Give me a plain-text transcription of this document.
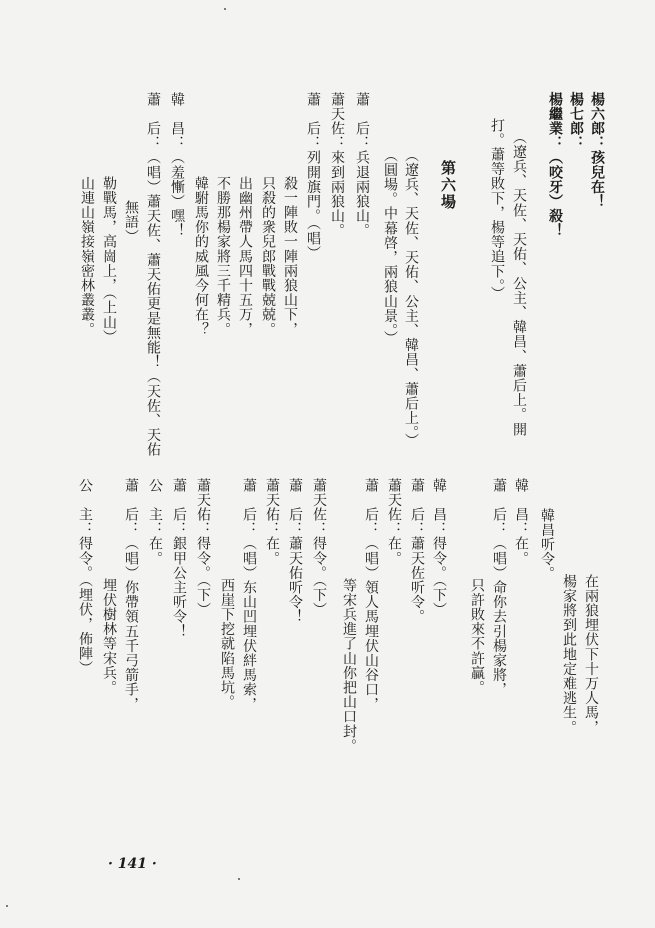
楊六郎：孩兒在！
楊七郎：
楊繼業：（咬牙）殺！
（遼兵、天佐、天佑、公主、韓昌、蕭后上。開
打。蕭等敗下，楊等追下。）
第六場
（遼兵、天佐、天佑、公主、韓昌、蕭后上。）
（圓場。中幕啓，兩狼山景。）
蕭　后：兵退兩狼山。
蕭天佐：來到兩狼山。
蕭　后：列開旗門。（唱）
殺一陣敗一陣兩狼山下，
只殺的衆兒郎戰戰兢兢。
出幽州帶人馬四十五万，
不勝那楊家將三千精兵。
韓駙馬你的威風今何在？
韓　昌：（羞慚）嘿！
蕭　后：（唱）蕭天佐、蕭天佑更是無能！（天佐、天佑
無語）
勒戰馬，高崗上，（上山）
山連山嶺接嶺密林叢叢。
在兩狼埋伏下十万人馬，
楊家將到此地定难逃生。
韓昌听令。
韓　昌：在。
蕭　后：（唱）命你去引楊家將，
只許敗來不許贏。
韓　昌：得令。（下）
蕭　后：蕭天佐听令。
蕭天佐：在。
蕭　后：（唱）領人馬埋伏山谷口，
等宋兵進了山你把山口封。
蕭天佐：得令。（下）
蕭　后：蕭天佑听令！
蕭天佑：在。
蕭　后：（唱）东山凹埋伏絆馬索，
西崖下挖就陷馬坑。
蕭天佑：得令。（下）
蕭　后：銀甲公主听令！
公　主：在。
蕭　后：（唱）你帶領五千弓箭手，
埋伏樹林等宋兵。
公　主：得令。（埋伏，佈陣）
· 141 ·
